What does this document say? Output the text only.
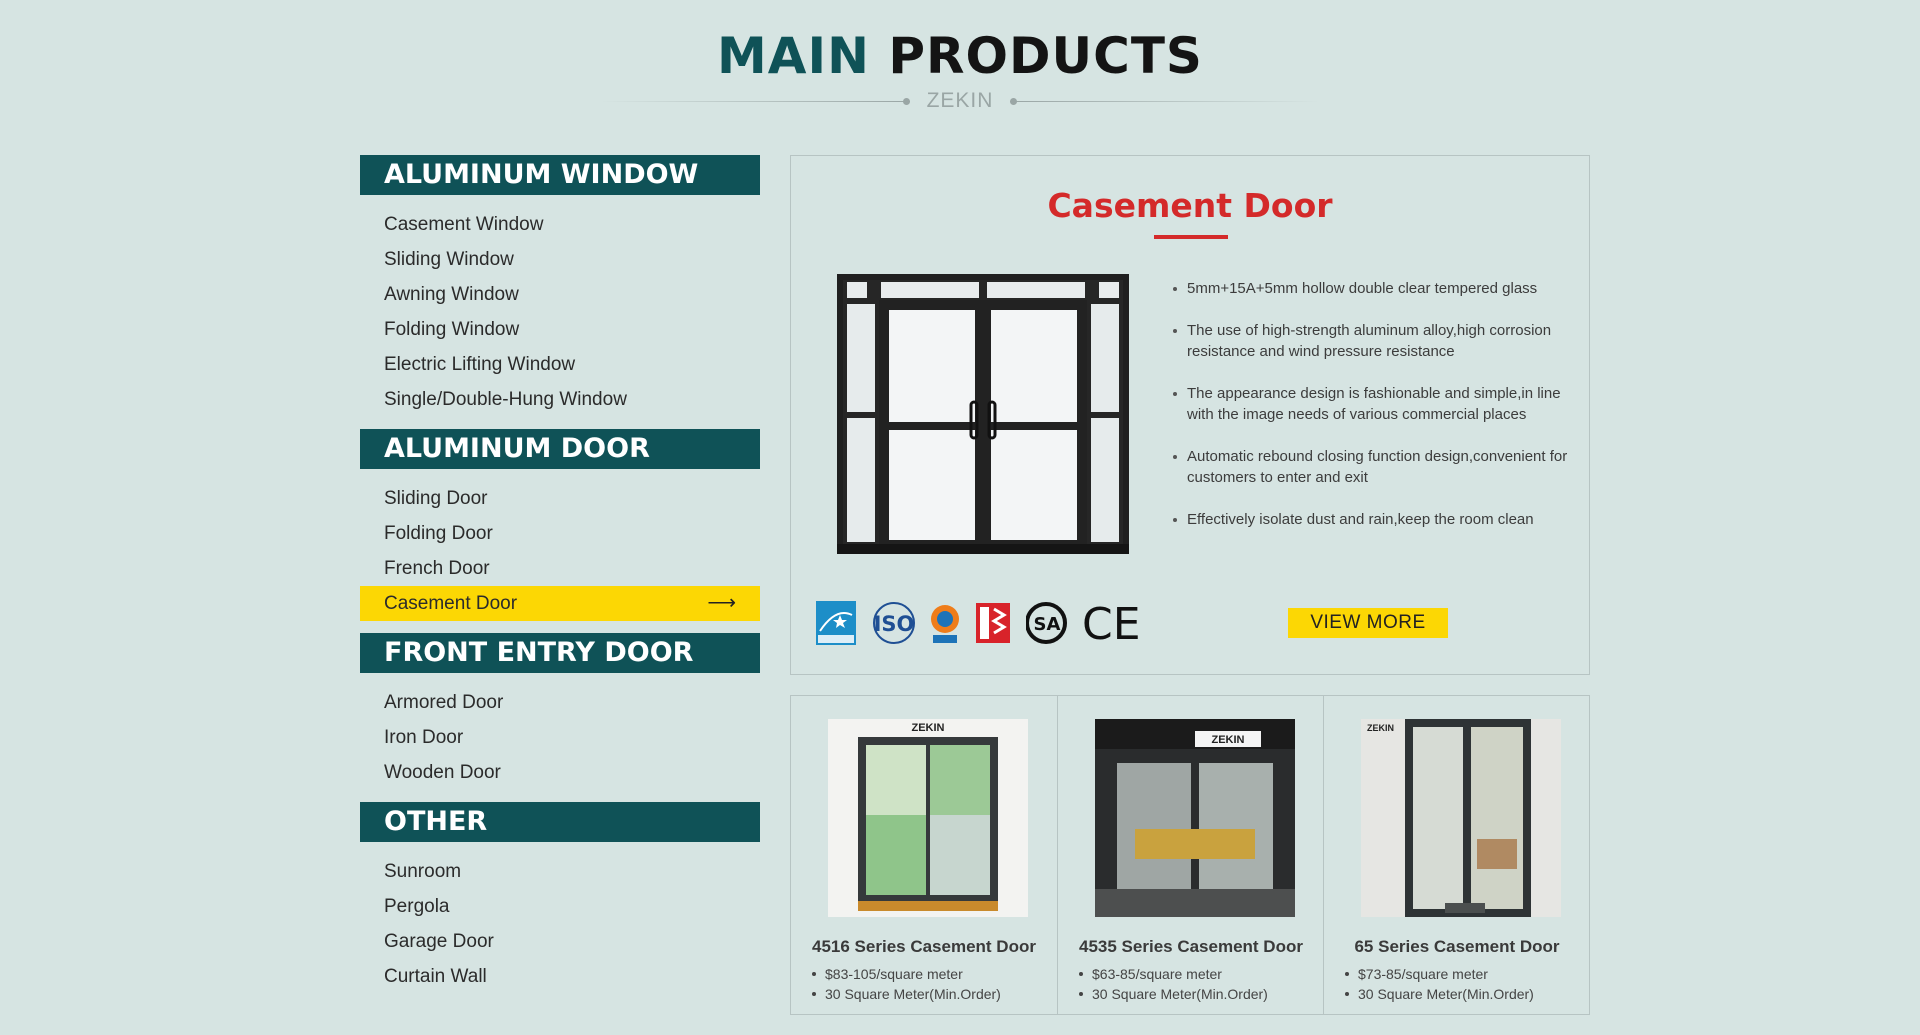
MAIN PRODUCTS
ZEKIN
ALUMINUM WINDOW
Casement Window
Sliding Window
Awning Window
Folding Window
Electric Lifting Window
Single/Double-Hung Window
ALUMINUM DOOR
Sliding Door
Folding Door
French Door
Casement Door	⟶
FRONT ENTRY DOOR
Armored Door
Iron Door
Wooden Door
OTHER
Sunroom
Pergola
Garage Door
Curtain Wall
Casement Door
5mm+15A+5mm hollow double clear tempered glass
The use of high-strength aluminum alloy,high corrosion resistance and wind pressure resistance
The appearance design is fashionable and simple,in line with the image needs of various commercial places
Automatic rebound closing function design,convenient for customers to enter and exit
Effectively isolate dust and rain,keep the room clean
ISO	SA CE	VIEW MORE
ZEKIN
4516 Series Casement Door
$83-105/square meter
30 Square Meter(Min.Order)
ZEKIN
4535 Series Casement Door
$63-85/square meter
30 Square Meter(Min.Order)
ZEKIN
65 Series Casement Door
$73-85/square meter
30 Square Meter(Min.Order)
